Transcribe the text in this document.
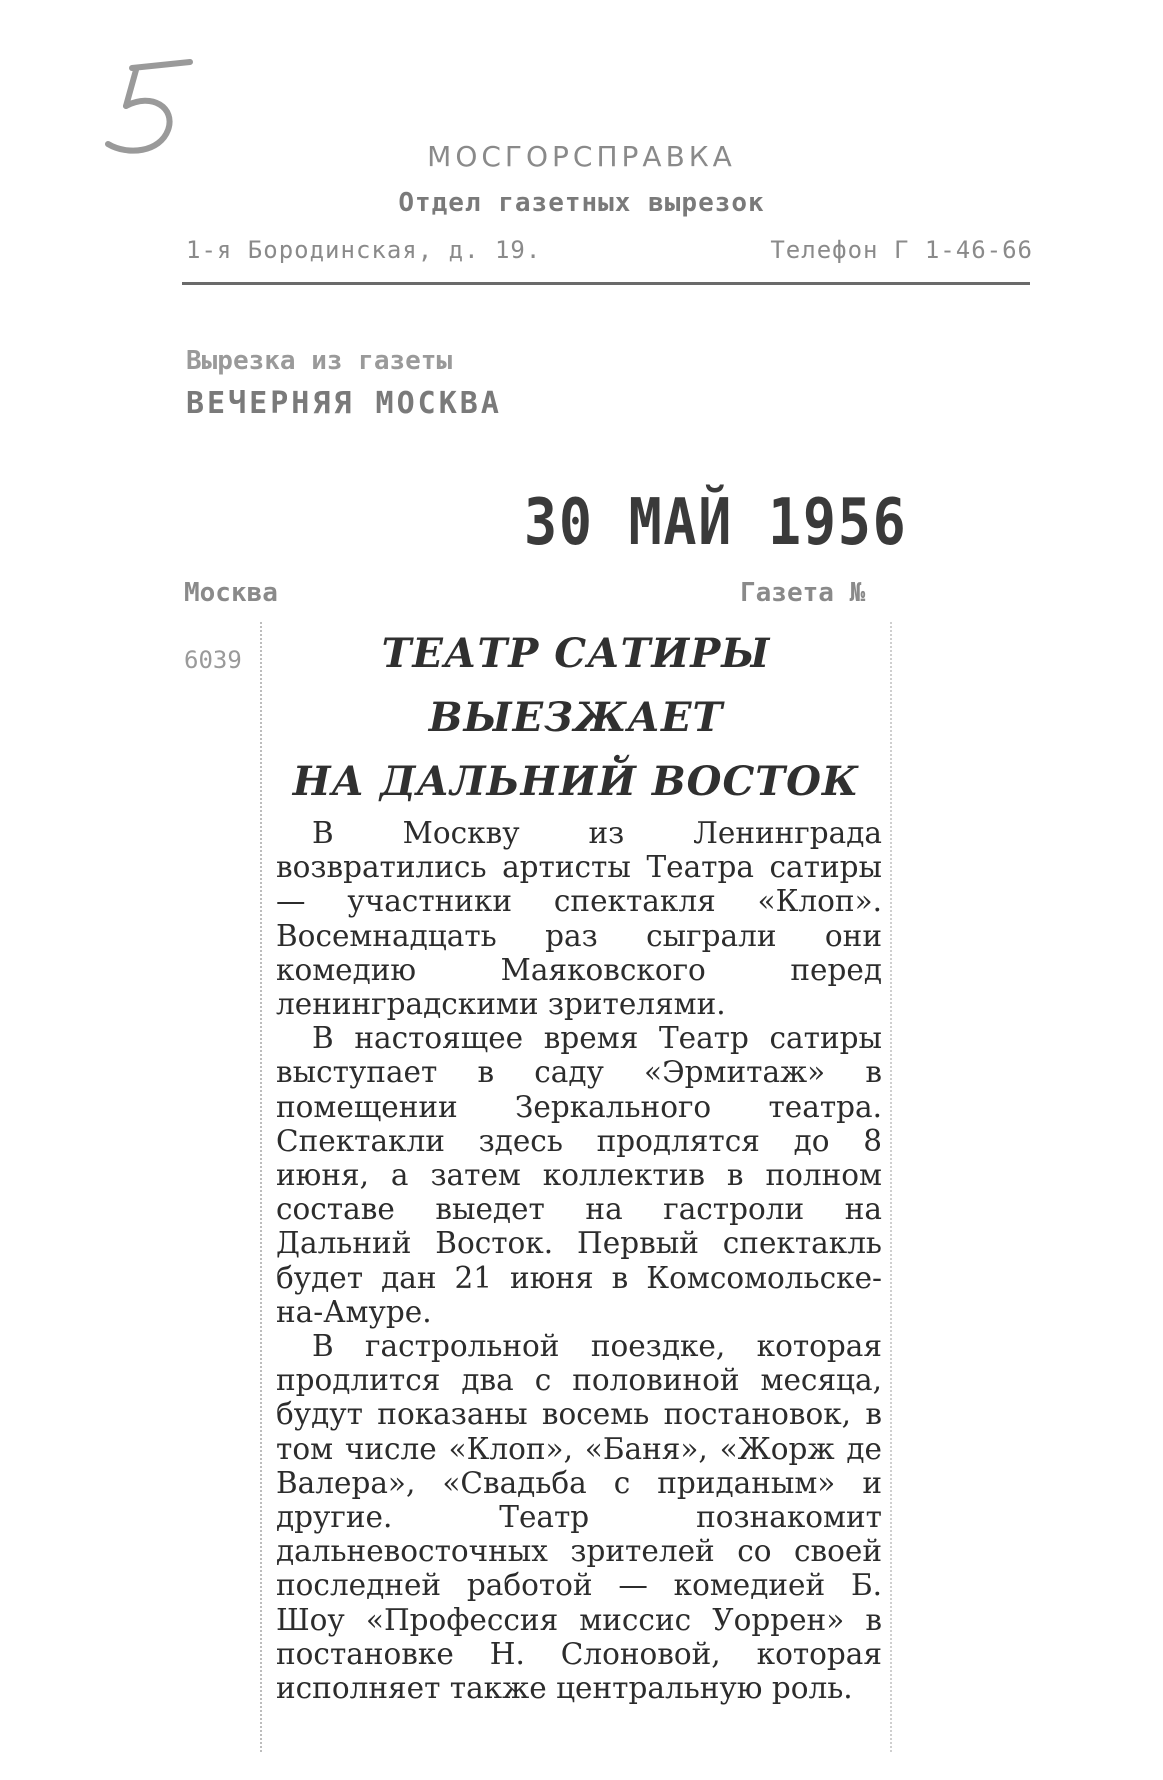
МОСГОРСПРАВКА
Отдел газетных вырезок
1-я Бородинская, д. 19.	Телефон Г 1-46-66
Вырезка из газеты
ВЕЧЕРНЯЯ МОСКВА
30 МАЙ 1956
Москва	Газета №
6039	ТЕАТР САТИРЫ
ВЫЕЗЖАЕТ
НА ДАЛЬНИЙ ВОСТОК

В Москву из Ленинграда возвратились артисты Театра сатиры — участники спектакля «Клоп». Восемнадцать раз сыграли они комедию Маяковского перед ленинградскими зрителями.

В настоящее время Театр сатиры выступает в саду «Эрмитаж» в помещении Зеркального театра. Спектакли здесь продлятся до 8 июня, а затем коллектив в полном составе выедет на гастроли на Дальний Восток. Первый спектакль будет дан 21 июня в Комсомольске-на-Амуре.

В гастрольной поездке, которая продлится два с половиной месяца, будут показаны восемь постановок, в том числе «Клоп», «Баня», «Жорж де Валера», «Свадьба с приданым» и другие. Театр познакомит дальневосточных зрителей со своей последней работой — комедией Б. Шоу «Профессия миссис Уоррен» в постановке Н. Слоновой, которая исполняет также центральную роль.
